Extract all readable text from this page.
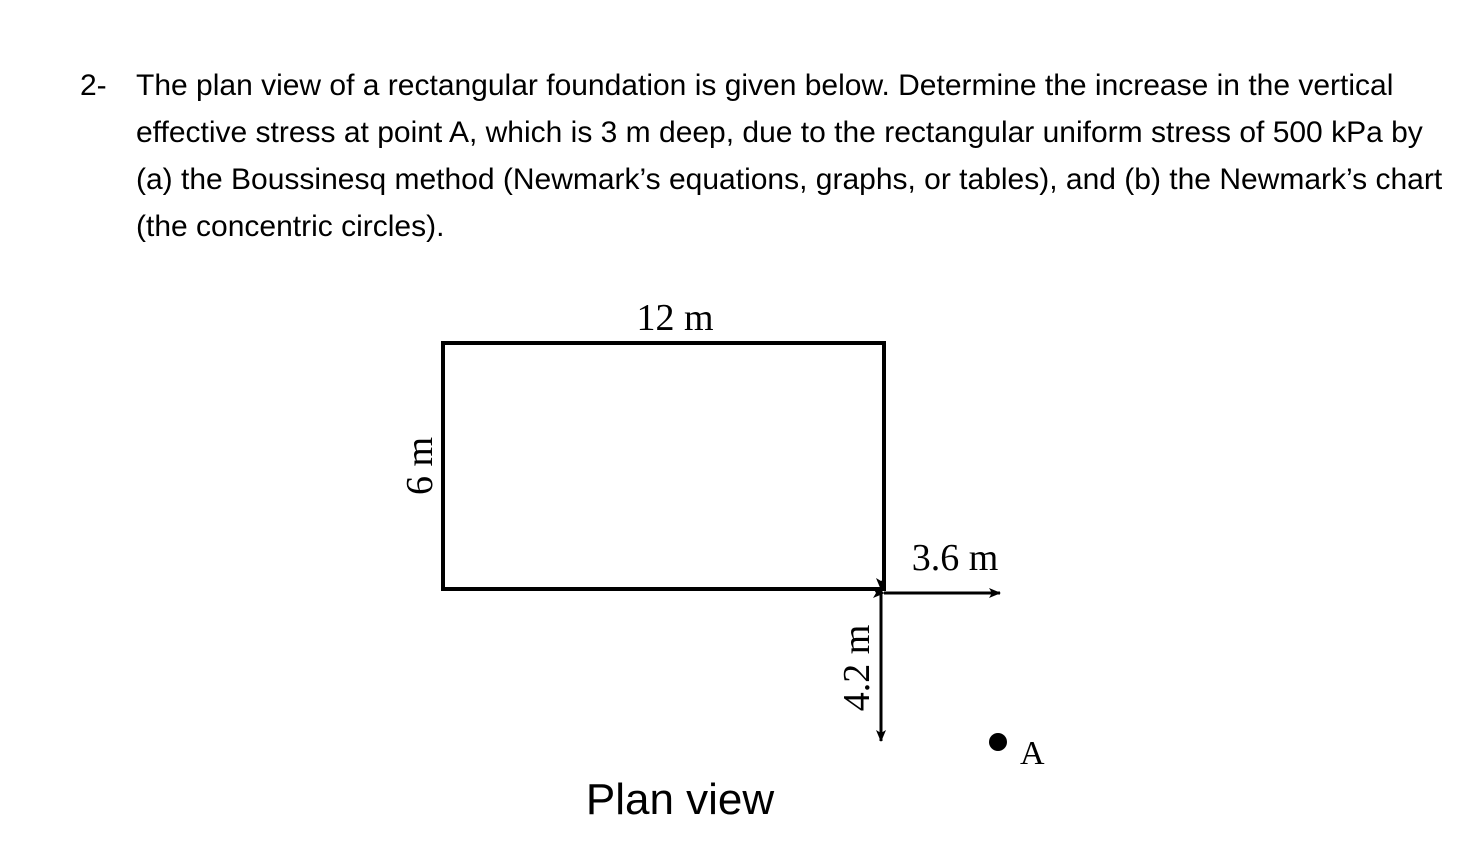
2- The plan view of a rectangular foundation is given below. Determine the increase in the vertical effective stress at point A, which is 3 m deep, due to the rectangular uniform stress of 500 kPa by (a) the Boussinesq method (Newmark’s equations, graphs, or tables), and (b) the Newmark’s chart (the concentric circles).
12 m
6 m
3.6 m
4.2 m
A
Plan view
